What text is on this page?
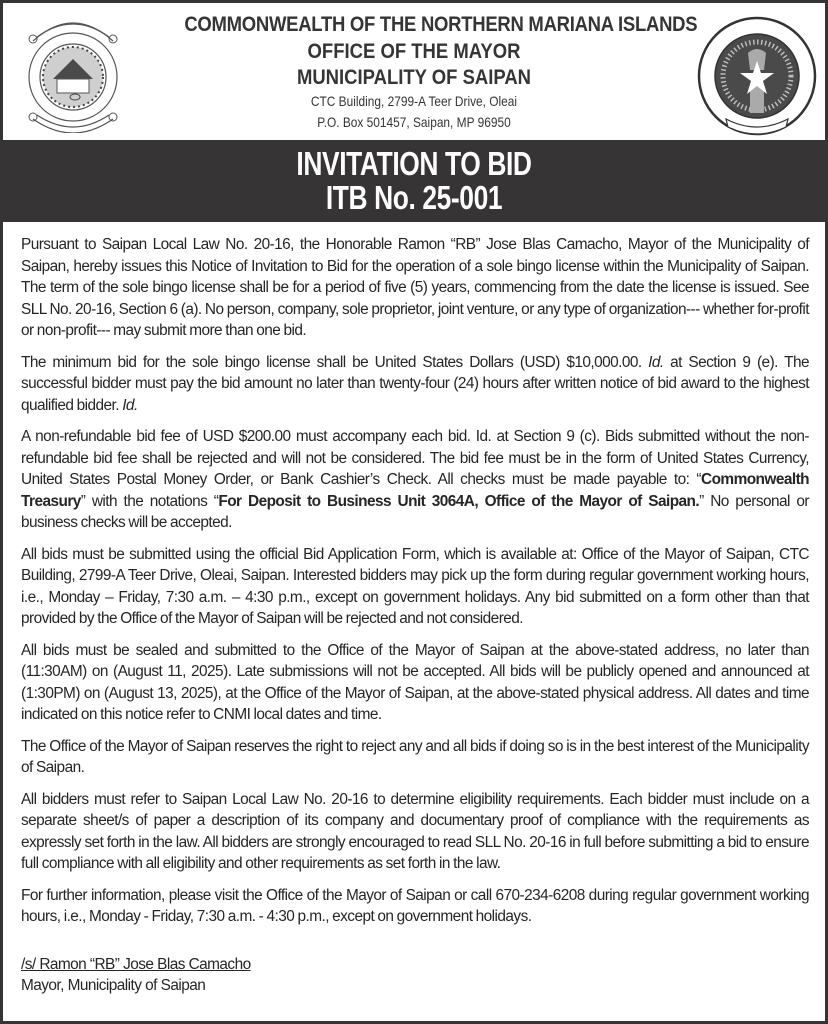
COMMONWEALTH OF THE NORTHERN MARIANA ISLANDS
OFFICE OF THE MAYOR
MUNICIPALITY OF SAIPAN
CTC Building, 2799-A Teer Drive, Oleai
P.O. Box 501457, Saipan, MP 96950
INVITATION TO BID
ITB No. 25-001

Pursuant to Saipan Local Law No. 20-16, the Honorable Ramon “RB” Jose Blas Camacho, Mayor of the Municipality of Saipan, hereby issues this Notice of Invitation to Bid for the operation of a sole bingo license within the Municipality of Saipan. The term of the sole bingo license shall be for a period of five (5) years, commencing from the date the license is issued. See SLL No. 20-16, Section 6 (a). No person, company, sole proprietor, joint venture, or any type of organization--- whether for-profit or non-profit--- may submit more than one bid.

The minimum bid for the sole bingo license shall be United States Dollars (USD) $10,000.00. Id. at Section 9 (e). The successful bidder must pay the bid amount no later than twenty-four (24) hours after written notice of bid award to the highest qualified bidder. Id.

A non-refundable bid fee of USD $200.00 must accompany each bid. Id. at Section 9 (c). Bids submitted without the non-refundable bid fee shall be rejected and will not be considered. The bid fee must be in the form of United States Currency, United States Postal Money Order, or Bank Cashier’s Check. All checks must be made payable to: “Commonwealth Treasury” with the notations “For Deposit to Business Unit 3064A, Office of the Mayor of Saipan.” No personal or business checks will be accepted.

All bids must be submitted using the official Bid Application Form, which is available at: Office of the Mayor of Saipan, CTC Building, 2799-A Teer Drive, Oleai, Saipan. Interested bidders may pick up the form during regular government working hours, i.e., Monday – Friday, 7:30 a.m. – 4:30 p.m., except on government holidays. Any bid submitted on a form other than that provided by the Office of the Mayor of Saipan will be rejected and not considered.

All bids must be sealed and submitted to the Office of the Mayor of Saipan at the above-stated address, no later than (11:30AM) on (August 11, 2025). Late submissions will not be accepted. All bids will be publicly opened and announced at (1:30PM) on (August 13, 2025), at the Office of the Mayor of Saipan, at the above-stated physical address. All dates and time indicated on this notice refer to CNMI local dates and time.

The Office of the Mayor of Saipan reserves the right to reject any and all bids if doing so is in the best interest of the Municipality of Saipan.

All bidders must refer to Saipan Local Law No. 20-16 to determine eligibility requirements. Each bidder must include on a separate sheet/s of paper a description of its company and documentary proof of compliance with the requirements as expressly set forth in the law. All bidders are strongly encouraged to read SLL No. 20-16 in full before submitting a bid to ensure full compliance with all eligibility and other requirements as set forth in the law.

For further information, please visit the Office of the Mayor of Saipan or call 670-234-6208 during regular government working hours, i.e., Monday - Friday, 7:30 a.m. - 4:30 p.m., except on government holidays.

/s/ Ramon “RB” Jose Blas Camacho
Mayor, Municipality of Saipan
